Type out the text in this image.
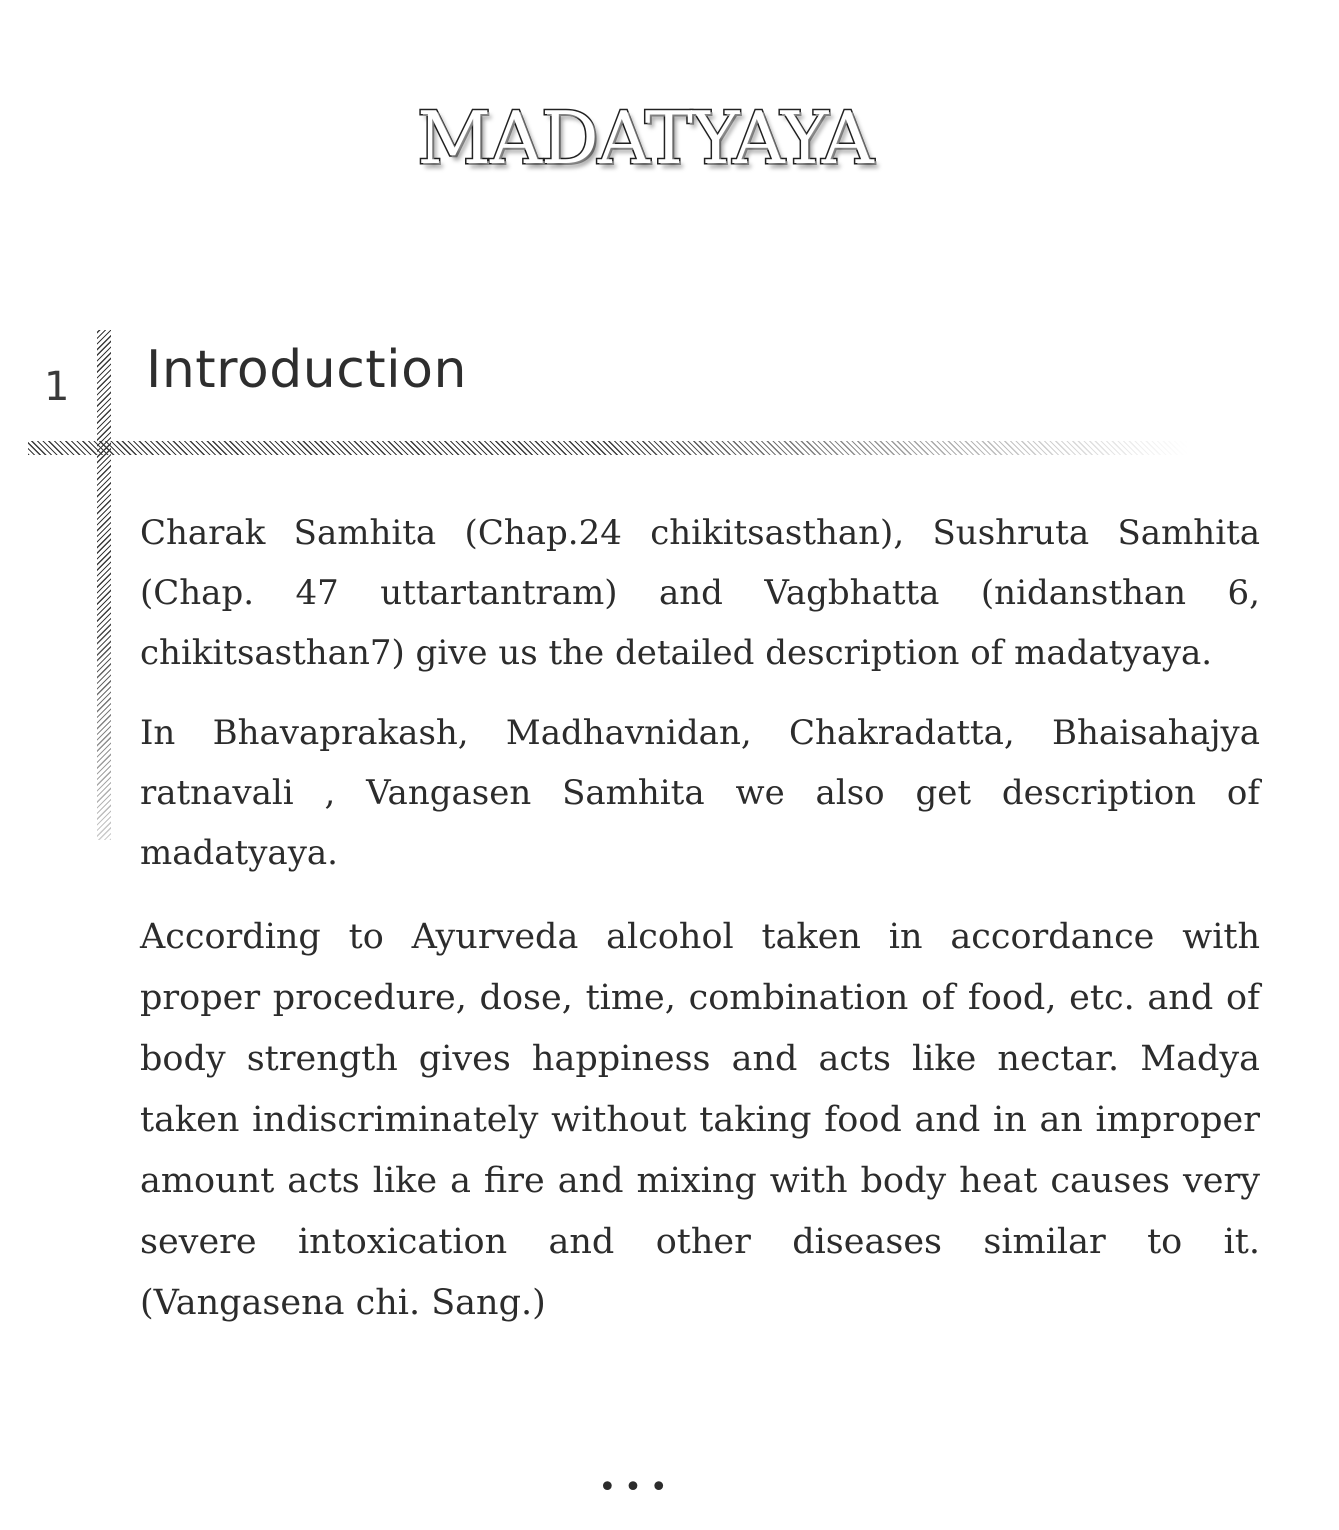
MADATYAYA
1 Introduction

Charak Samhita (Chap.24 chikitsasthan), Sushruta Samhita (Chap. 47 uttartantram) and Vagbhatta (nidansthan 6, chikitsasthan7) give us the detailed description of madatyaya.

In Bhavaprakash, Madhavnidan, Chakradatta, Bhaisahajya ratnavali , Vangasen Samhita we also get description of madatyaya.

According to Ayurveda alcohol taken in accordance with proper procedure, dose, time, combination of food, etc. and of body strength gives happiness and acts like nectar. Madya taken indiscriminately without taking food and in an improper amount acts like a fire and mixing with body heat causes very severe intoxication and other diseases similar to it. (Vangasena chi. Sang.)

•••
